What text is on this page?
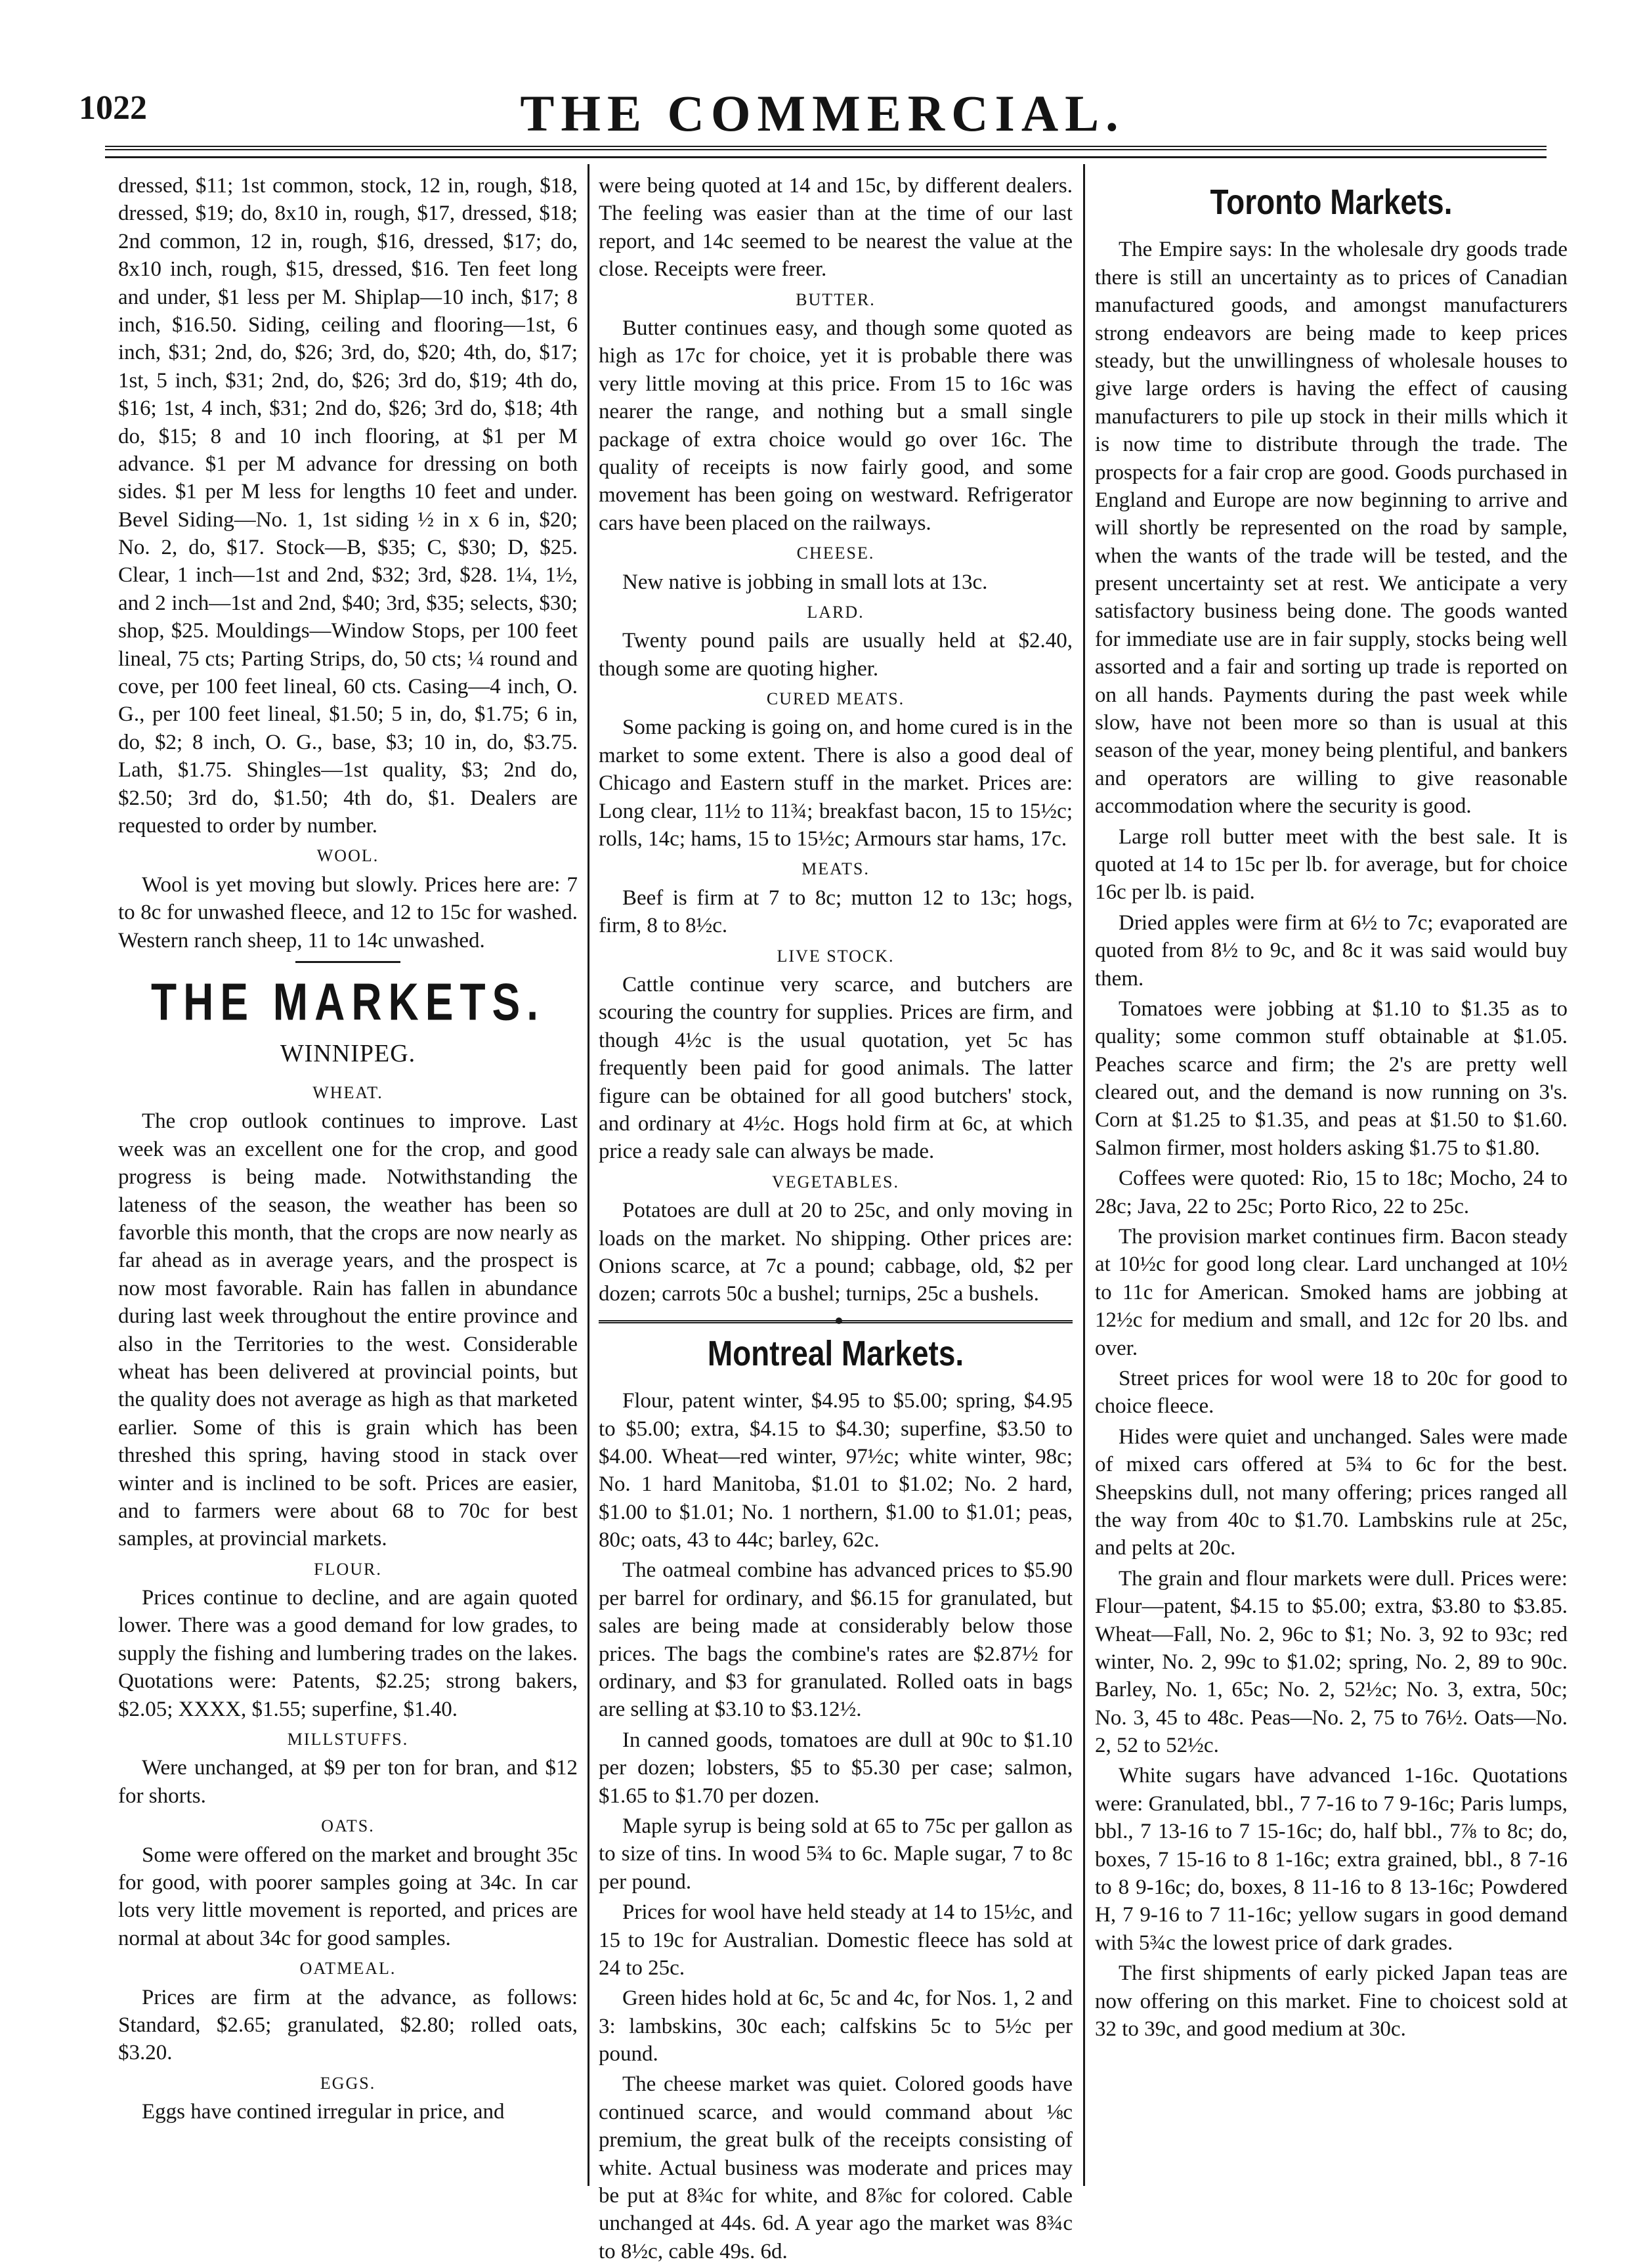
1022	THE COMMERCIAL.

dressed, $11; 1st common, stock, 12 in, rough, $18, dressed, $19; do, 8x10 in, rough, $17, dressed, $18; 2nd common, 12 in, rough, $16, dressed, $17; do, 8x10 inch, rough, $15, dressed, $16. Ten feet long and under, $1 less per M. Shiplap—10 inch, $17; 8 inch, $16.50. Siding, ceiling and flooring—1st, 6 inch, $31; 2nd, do, $26; 3rd, do, $20; 4th, do, $17; 1st, 5 inch, $31; 2nd, do, $26; 3rd do, $19; 4th do, $16; 1st, 4 inch, $31; 2nd do, $26; 3rd do, $18; 4th do, $15; 8 and 10 inch flooring, at $1 per M advance. $1 per M advance for dressing on both sides. $1 per M less for lengths 10 feet and under. Bevel Siding—No. 1, 1st siding ½ in x 6 in, $20; No. 2, do, $17. Stock—B, $35; C, $30; D, $25. Clear, 1 inch—1st and 2nd, $32; 3rd, $28. 1¼, 1½, and 2 inch—1st and 2nd, $40; 3rd, $35; selects, $30; shop, $25. Mouldings—Window Stops, per 100 feet lineal, 75 cts; Parting Strips, do, 50 cts; ¼ round and cove, per 100 feet lineal, 60 cts. Casing—4 inch, O. G., per 100 feet lineal, $1.50; 5 in, do, $1.75; 6 in, do, $2; 8 inch, O. G., base, $3; 10 in, do, $3.75. Lath, $1.75. Shingles—1st quality, $3; 2nd do, $2.50; 3rd do, $1.50; 4th do, $1. Dealers are requested to order by number.

WOOL.

Wool is yet moving but slowly. Prices here are: 7 to 8c for unwashed fleece, and 12 to 15c for washed. Western ranch sheep, 11 to 14c unwashed.

THE MARKETS.
WINNIPEG.
WHEAT.

The crop outlook continues to improve. Last week was an excellent one for the crop, and good progress is being made. Notwithstanding the lateness of the season, the weather has been so favorble this month, that the crops are now nearly as far ahead as in average years, and the prospect is now most favorable. Rain has fallen in abundance during last week throughout the entire province and also in the Territories to the west. Considerable wheat has been delivered at provincial points, but the quality does not average as high as that marketed earlier. Some of this is grain which has been threshed this spring, having stood in stack over winter and is inclined to be soft. Prices are easier, and to farmers were about 68 to 70c for best samples, at provincial markets.

FLOUR.

Prices continue to decline, and are again quoted lower. There was a good demand for low grades, to supply the fishing and lumbering trades on the lakes. Quotations were: Patents, $2.25; strong bakers, $2.05; XXXX, $1.55; superfine, $1.40.

MILLSTUFFS.

Were unchanged, at $9 per ton for bran, and $12 for shorts.

OATS.

Some were offered on the market and brought 35c for good, with poorer samples going at 34c. In car lots very little movement is reported, and prices are normal at about 34c for good samples.

OATMEAL.

Prices are firm at the advance, as follows: Standard, $2.65; granulated, $2.80; rolled oats, $3.20.

EGGS.

Eggs have contined irregular in price, and

were being quoted at 14 and 15c, by different dealers. The feeling was easier than at the time of our last report, and 14c seemed to be nearest the value at the close. Receipts were freer.

BUTTER.

Butter continues easy, and though some quoted as high as 17c for choice, yet it is probable there was very little moving at this price. From 15 to 16c was nearer the range, and nothing but a small single package of extra choice would go over 16c. The quality of receipts is now fairly good, and some movement has been going on westward. Refrigerator cars have been placed on the railways.

CHEESE.

New native is jobbing in small lots at 13c.

LARD.

Twenty pound pails are usually held at $2.40, though some are quoting higher.

CURED MEATS.

Some packing is going on, and home cured is in the market to some extent. There is also a good deal of Chicago and Eastern stuff in the market. Prices are: Long clear, 11½ to 11¾; breakfast bacon, 15 to 15½c; rolls, 14c; hams, 15 to 15½c; Armours star hams, 17c.

MEATS.

Beef is firm at 7 to 8c; mutton 12 to 13c; hogs, firm, 8 to 8½c.

LIVE STOCK.

Cattle continue very scarce, and butchers are scouring the country for supplies. Prices are firm, and though 4½c is the usual quotation, yet 5c has frequently been paid for good animals. The latter figure can be obtained for all good butchers' stock, and ordinary at 4½c. Hogs hold firm at 6c, at which price a ready sale can always be made.

VEGETABLES.

Potatoes are dull at 20 to 25c, and only moving in loads on the market. No shipping. Other prices are: Onions scarce, at 7c a pound; cabbage, old, $2 per dozen; carrots 50c a bushel; turnips, 25c a bushels.

Montreal Markets.

Flour, patent winter, $4.95 to $5.00; spring, $4.95 to $5.00; extra, $4.15 to $4.30; superfine, $3.50 to $4.00. Wheat—red winter, 97½c; white winter, 98c; No. 1 hard Manitoba, $1.01 to $1.02; No. 2 hard, $1.00 to $1.01; No. 1 northern, $1.00 to $1.01; peas, 80c; oats, 43 to 44c; barley, 62c.

The oatmeal combine has advanced prices to $5.90 per barrel for ordinary, and $6.15 for granulated, but sales are being made at considerably below those prices. The bags the combine's rates are $2.87½ for ordinary, and $3 for granulated. Rolled oats in bags are selling at $3.10 to $3.12½.

In canned goods, tomatoes are dull at 90c to $1.10 per dozen; lobsters, $5 to $5.30 per case; salmon, $1.65 to $1.70 per dozen.

Maple syrup is being sold at 65 to 75c per gallon as to size of tins. In wood 5¾ to 6c. Maple sugar, 7 to 8c per pound.

Prices for wool have held steady at 14 to 15½c, and 15 to 19c for Australian. Domestic fleece has sold at 24 to 25c.

Green hides hold at 6c, 5c and 4c, for Nos. 1, 2 and 3: lambskins, 30c each; calfskins 5c to 5½c per pound.

The cheese market was quiet. Colored goods have continued scarce, and would command about ⅛c premium, the great bulk of the receipts consisting of white. Actual business was moderate and prices may be put at 8¾c for white, and 8⅞c for colored. Cable unchanged at 44s. 6d. A year ago the market was 8¾c to 8½c, cable 49s. 6d.

Toronto Markets.

The Empire says: In the wholesale dry goods trade there is still an uncertainty as to prices of Canadian manufactured goods, and amongst manufacturers strong endeavors are being made to keep prices steady, but the unwillingness of wholesale houses to give large orders is having the effect of causing manufacturers to pile up stock in their mills which it is now time to distribute through the trade. The prospects for a fair crop are good. Goods purchased in England and Europe are now beginning to arrive and will shortly be represented on the road by sample, when the wants of the trade will be tested, and the present uncertainty set at rest. We anticipate a very satisfactory business being done. The goods wanted for immediate use are in fair supply, stocks being well assorted and a fair and sorting up trade is reported on on all hands. Payments during the past week while slow, have not been more so than is usual at this season of the year, money being plentiful, and bankers and operators are willing to give reasonable accommodation where the security is good.

Large roll butter meet with the best sale. It is quoted at 14 to 15c per lb. for average, but for choice 16c per lb. is paid.

Dried apples were firm at 6½ to 7c; evaporated are quoted from 8½ to 9c, and 8c it was said would buy them.

Tomatoes were jobbing at $1.10 to $1.35 as to quality; some common stuff obtainable at $1.05. Peaches scarce and firm; the 2's are pretty well cleared out, and the demand is now running on 3's. Corn at $1.25 to $1.35, and peas at $1.50 to $1.60. Salmon firmer, most holders asking $1.75 to $1.80.

Coffees were quoted: Rio, 15 to 18c; Mocho, 24 to 28c; Java, 22 to 25c; Porto Rico, 22 to 25c.

The provision market continues firm. Bacon steady at 10½c for good long clear. Lard unchanged at 10½ to 11c for American. Smoked hams are jobbing at 12½c for medium and small, and 12c for 20 lbs. and over.

Street prices for wool were 18 to 20c for good to choice fleece.

Hides were quiet and unchanged. Sales were made of mixed cars offered at 5¾ to 6c for the best. Sheepskins dull, not many offering; prices ranged all the way from 40c to $1.70. Lambskins rule at 25c, and pelts at 20c.

The grain and flour markets were dull. Prices were: Flour—patent, $4.15 to $5.00; extra, $3.80 to $3.85. Wheat—Fall, No. 2, 96c to $1; No. 3, 92 to 93c; red winter, No. 2, 99c to $1.02; spring, No. 2, 89 to 90c. Barley, No. 1, 65c; No. 2, 52½c; No. 3, extra, 50c; No. 3, 45 to 48c. Peas—No. 2, 75 to 76½. Oats—No. 2, 52 to 52½c.

White sugars have advanced 1-16c. Quotations were: Granulated, bbl., 7 7-16 to 7 9-16c; Paris lumps, bbl., 7 13-16 to 7 15-16c; do, half bbl., 7⅞ to 8c; do, boxes, 7 15-16 to 8 1-16c; extra grained, bbl., 8 7-16 to 8 9-16c; do, boxes, 8 11-16 to 8 13-16c; Powdered H, 7 9-16 to 7 11-16c; yellow sugars in good demand with 5¾c the lowest price of dark grades.

The first shipments of early picked Japan teas are now offering on this market. Fine to choicest sold at 32 to 39c, and good medium at 30c.
